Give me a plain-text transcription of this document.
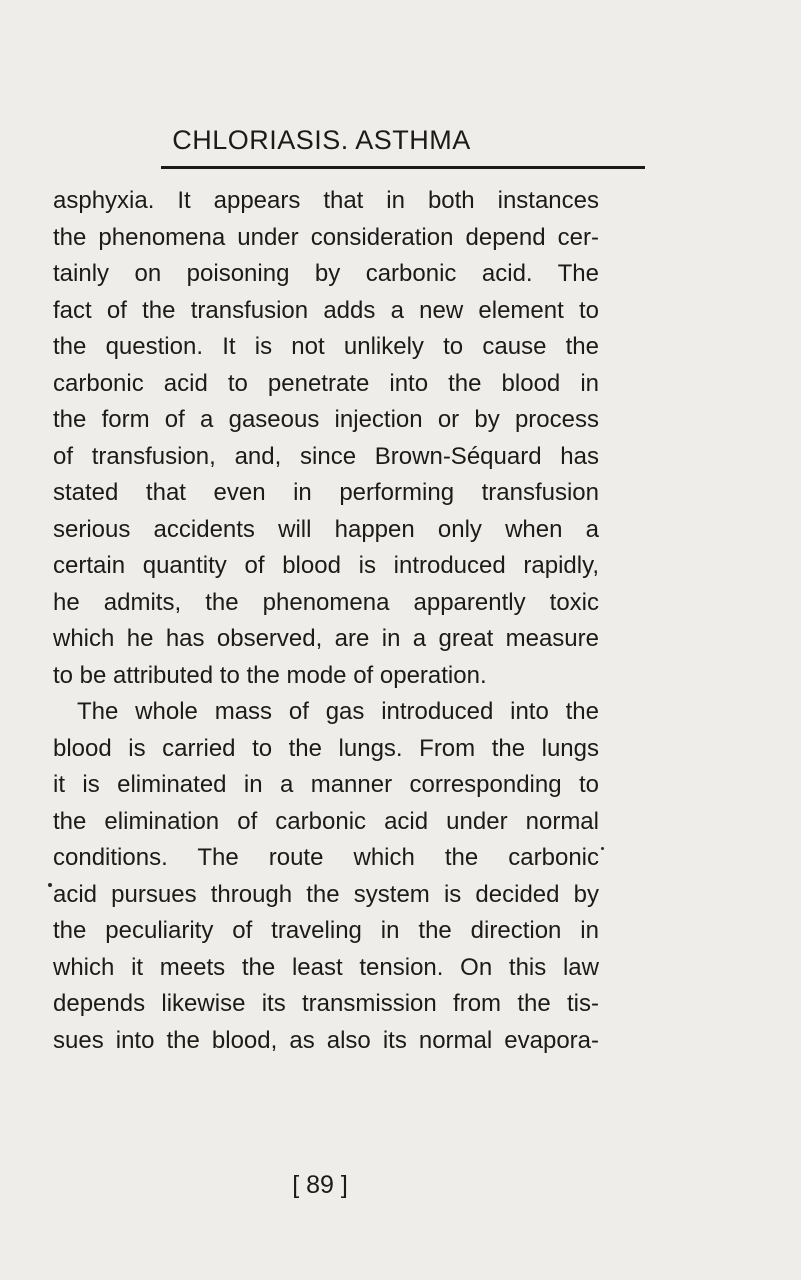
CHLORIASIS. ASTHMA
asphyxia. It appears that in both instances
the phenomena under consideration depend cer-
tainly on poisoning by carbonic acid. The
fact of the transfusion adds a new element to
the question. It is not unlikely to cause the
carbonic acid to penetrate into the blood in
the form of a gaseous injection or by process
of transfusion, and, since Brown-Séquard has
stated that even in performing transfusion
serious accidents will happen only when a
certain quantity of blood is introduced rapidly,
he admits, the phenomena apparently toxic
which he has observed, are in a great measure
to be attributed to the mode of operation.
The whole mass of gas introduced into the
blood is carried to the lungs. From the lungs
it is eliminated in a manner corresponding to
the elimination of carbonic acid under normal
conditions. The route which the carbonic
acid pursues through the system is decided by
the peculiarity of traveling in the direction in
which it meets the least tension. On this law
depends likewise its transmission from the tis-
sues into the blood, as also its normal evapora-
[ 89 ]
